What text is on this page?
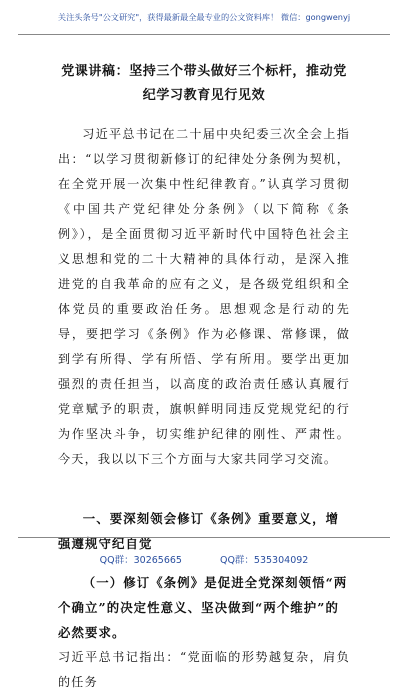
关注头条号"公文研究"，获得最新最全最专业的公文资料库！ 微信：gongwenyj
党课讲稿：坚持三个带头做好三个标杆，推动党纪学习教育见行见效

习近平总书记在二十届中央纪委三次全会上指出：“以学习贯彻新修订的纪律处分条例为契机，在全党开展一次集中性纪律教育。”认真学习贯彻《中国共产党纪律处分条例》（以下简称《条例》），是全面贯彻习近平新时代中国特色社会主义思想和党的二十大精神的具体行动，是深入推进党的自我革命的应有之义，是各级党组织和全体党员的重要政治任务。思想观念是行动的先导，要把学习《条例》作为必修课、常修课，做到学有所得、学有所悟、学有所用。要学出更加强烈的责任担当，以高度的政治责任感认真履行党章赋予的职责，旗帜鲜明同违反党规党纪的行为作坚决斗争，切实维护纪律的刚性、严肃性。今天，我以以下三个方面与大家共同学习交流。

一、要深刻领会修订《条例》重要意义，增强遵规守纪自觉
（一）修订《条例》是促进全党深刻领悟“两个确立”的决定性意义、坚决做到“两个维护”的必然要求。

习近平总书记指出：“党面临的形势越复杂，肩负的任务

QQ群：30265665	QQ群：535304092
